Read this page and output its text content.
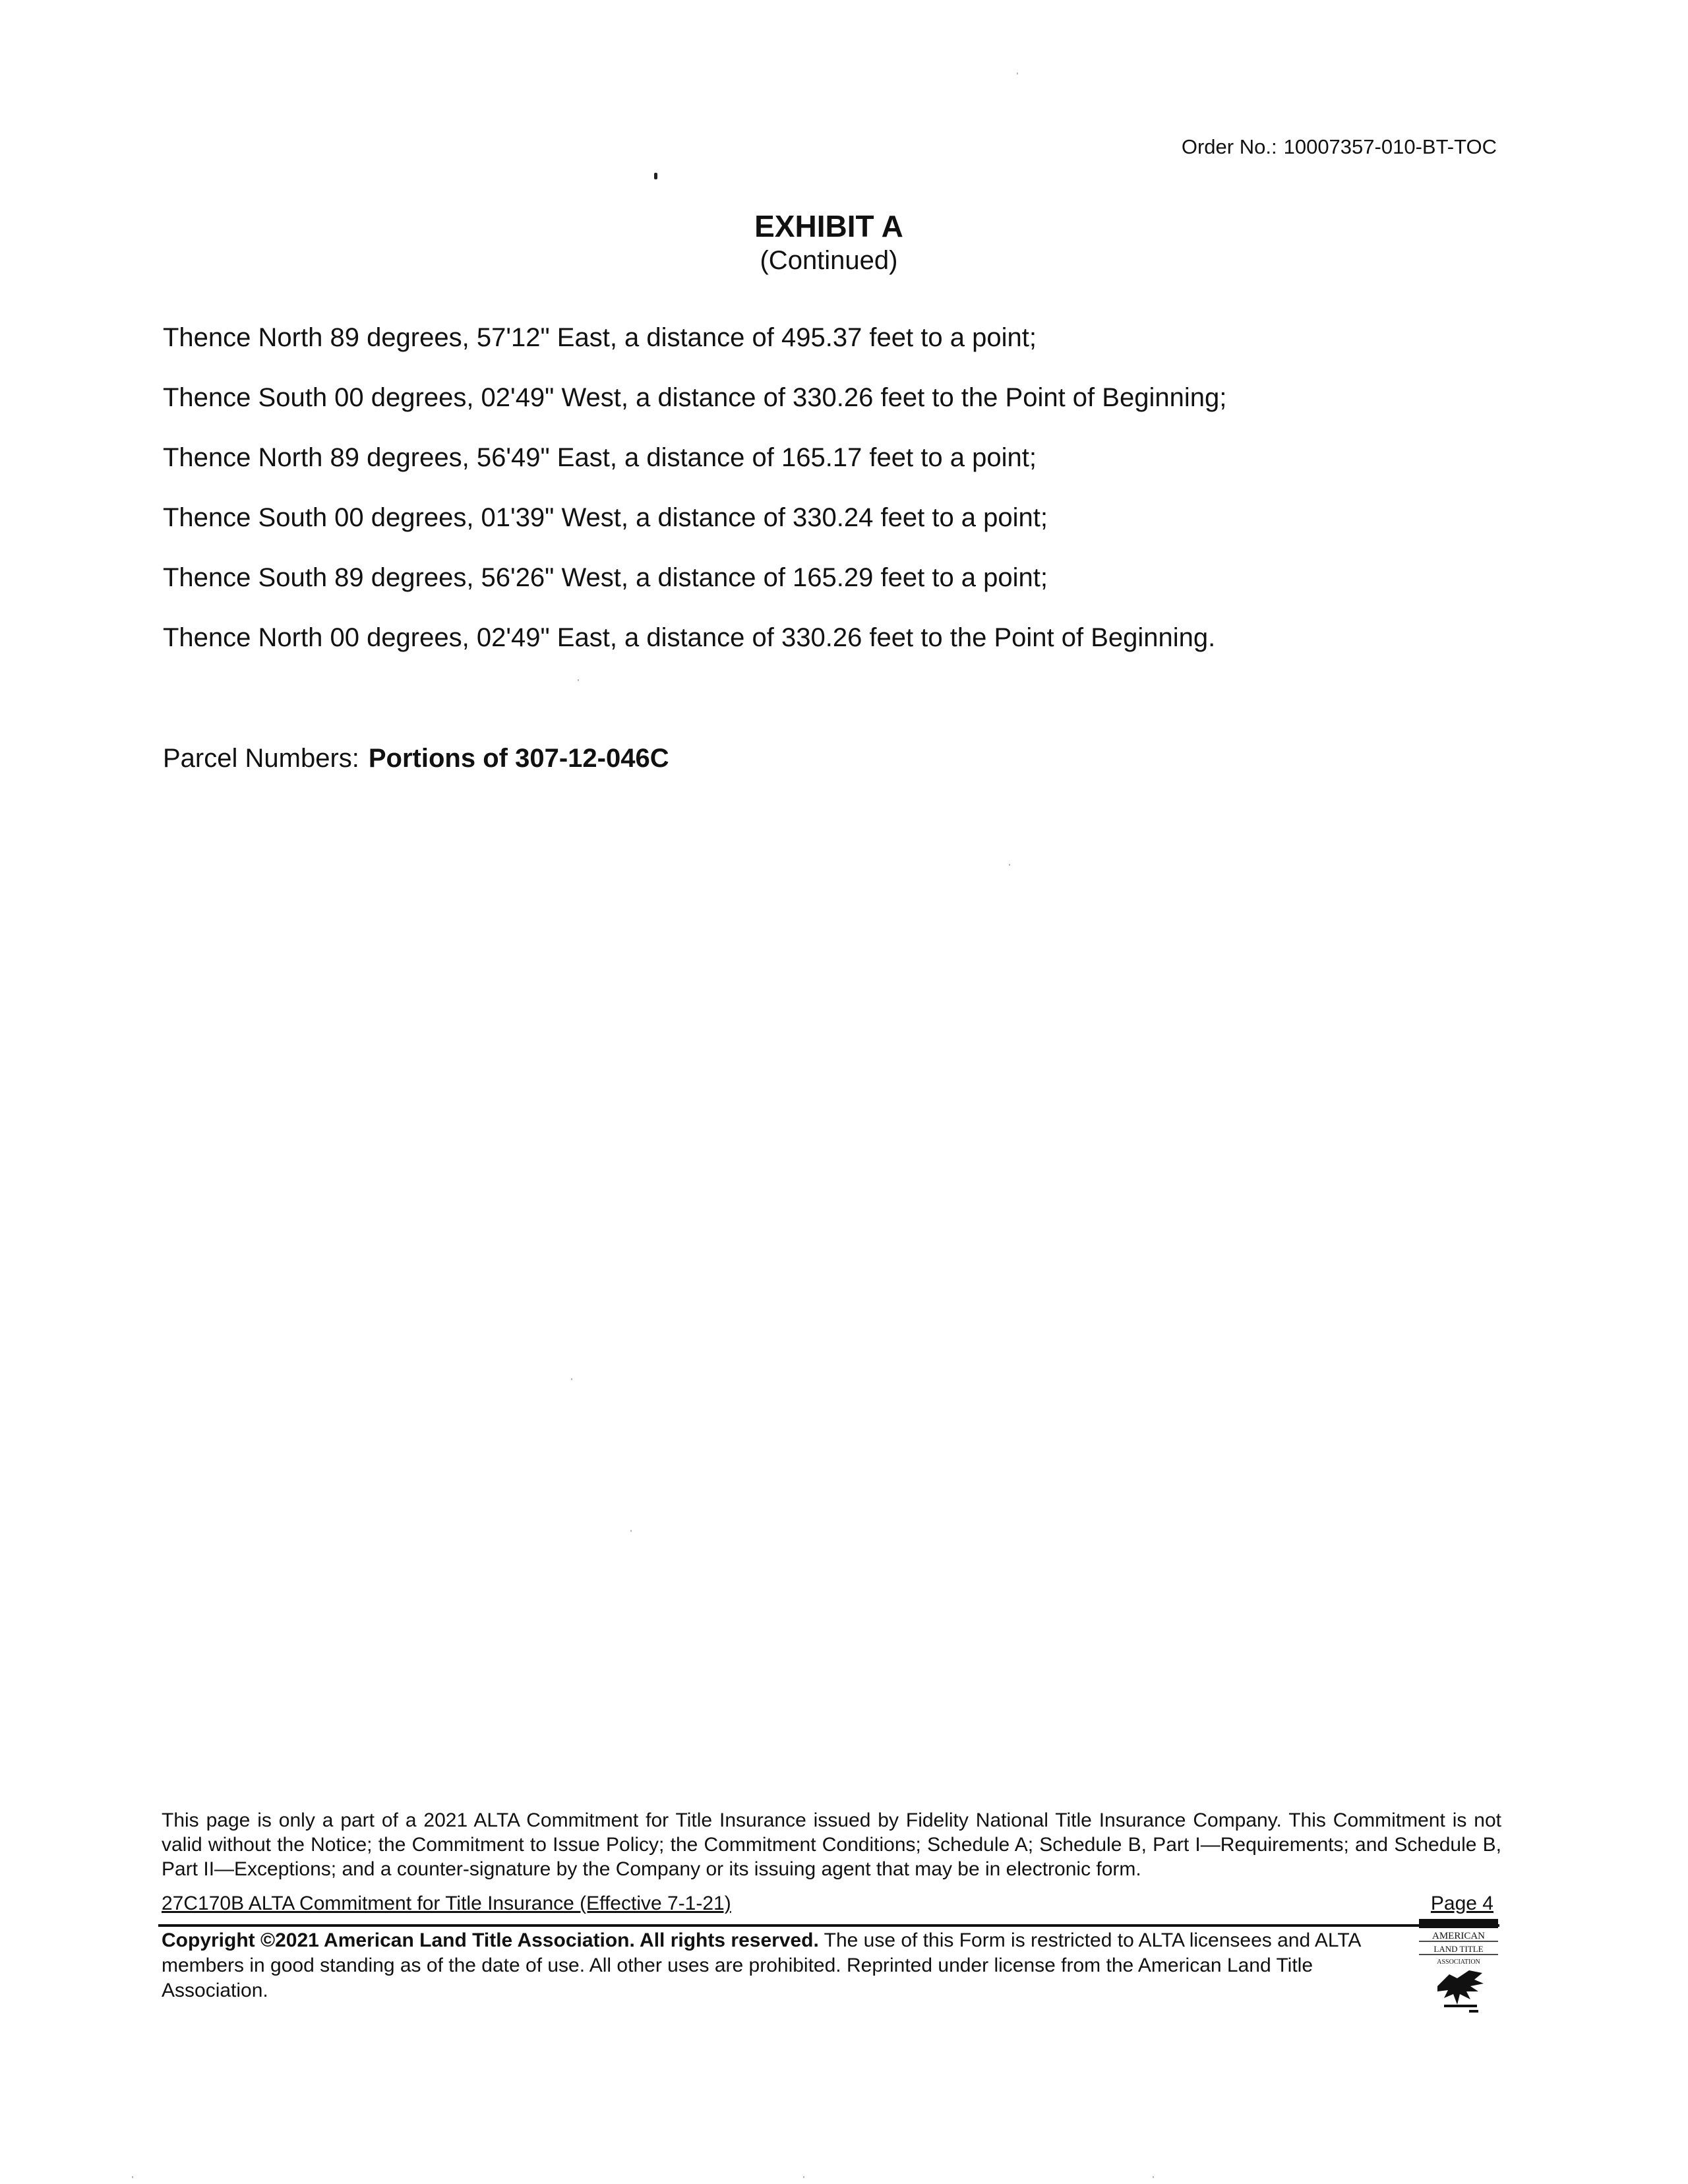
Order No.: 10007357-010-BT-TOC
EXHIBIT A
(Continued)
Thence North 89 degrees, 57'12" East, a distance of 495.37 feet to a point;
Thence South 00 degrees, 02'49" West, a distance of 330.26 feet to the Point of Beginning;
Thence North 89 degrees, 56'49" East, a distance of 165.17 feet to a point;
Thence South 00 degrees, 01'39" West, a distance of 330.24 feet to a point;
Thence South 89 degrees, 56'26" West, a distance of 165.29 feet to a point;
Thence North 00 degrees, 02'49" East, a distance of 330.26 feet to the Point of Beginning.
Parcel Numbers: Portions of 307-12-046C
This page is only a part of a 2021 ALTA Commitment for Title Insurance issued by Fidelity National Title Insurance Company. This Commitment is not valid without the Notice; the Commitment to Issue Policy; the Commitment Conditions; Schedule A; Schedule B, Part I—Requirements; and Schedule B, Part II—Exceptions; and a counter-signature by the Company or its issuing agent that may be in electronic form.
27C170B ALTA Commitment for Title Insurance (Effective 7-1-21)	Page 4
Copyright ©2021 American Land Title Association. All rights reserved. The use of this Form is restricted to ALTA licensees and ALTA members in good standing as of the date of use. All other uses are prohibited. Reprinted under license from the American Land Title Association.
AMERICAN
LAND TITLE
ASSOCIATION
